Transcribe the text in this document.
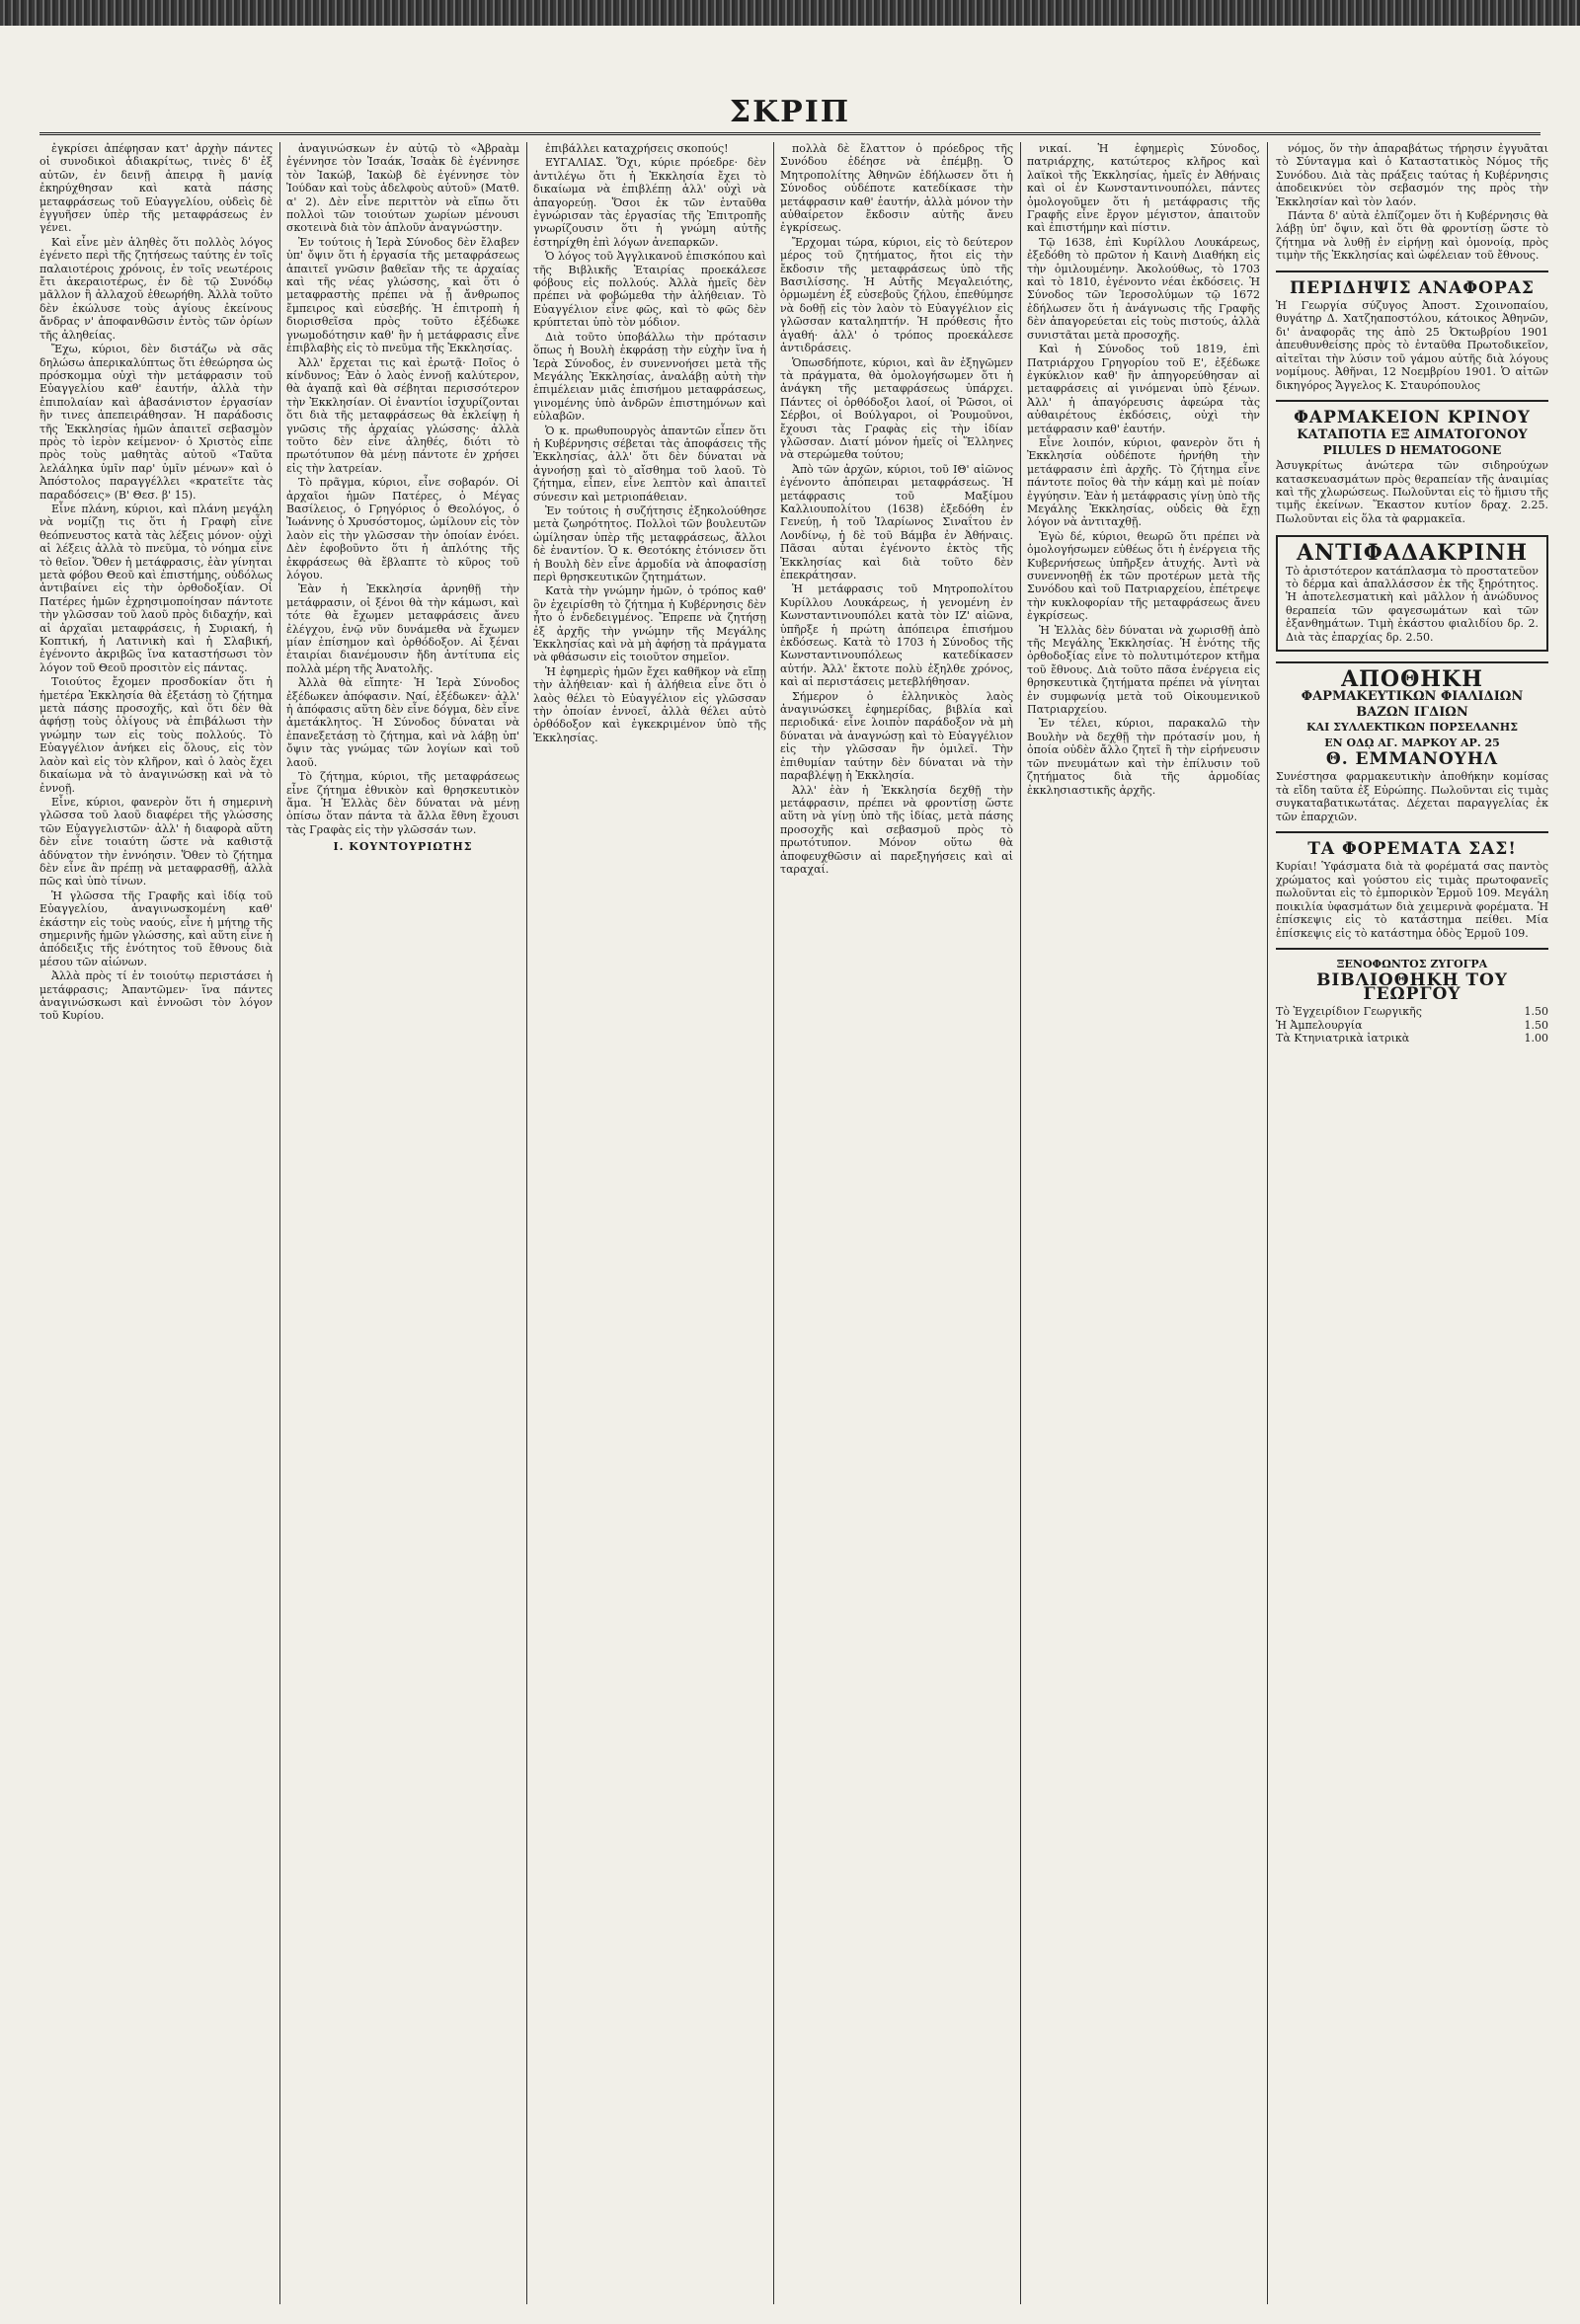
ΣΚΡΙΠ

ἐγκρίσει ἀπέφησαν κατ' ἀρχὴν πάντες οἱ συνοδικοὶ ἀδιακρίτως, τινὲς δ' ἐξ αὐτῶν, ἐν δεινῇ ἀπειρᾳ ἢ μανίᾳ ἐκηρύχθησαν καὶ κατὰ πάσης μεταφράσεως τοῦ Εὐαγγελίου, οὐδεὶς δὲ ἐγγυῆσεν ὑπὲρ τῆς μεταφράσεως ἐν γένει.

Καὶ εἶνε μὲν ἀληθὲς ὅτι πολλὸς λόγος ἐγένετο περὶ τῆς ζητήσεως ταύτης ἐν τοῖς παλαιοτέροις χρόνοις, ἐν τοῖς νεωτέροις ἔτι ἀκεραιοτέρως, ἐν δὲ τῷ Συνόδῳ μᾶλλον ἢ ἀλλαχοῦ ἐθεωρήθη. Ἀλλὰ τοῦτο δὲν ἐκώλυσε τοὺς ἁγίους ἐκείνους ἄνδρας ν' ἀποφανθῶσιν ἐντὸς τῶν ὁρίων τῆς ἀληθείας.

Ἔχω, κύριοι, δὲν διστάζω νὰ σᾶς δηλώσω ἀπερικαλύπτως ὅτι ἐθεώρησα ὡς πρόσκομμα οὐχὶ τὴν μετάφρασιν τοῦ Εὐαγγελίου καθ' ἑαυτήν, ἀλλὰ τὴν ἐπιπολαίαν καὶ ἀβασάνιστον ἐργασίαν ἣν τινες ἀπεπειράθησαν. Ἡ παράδοσις τῆς Ἐκκλησίας ἡμῶν ἀπαιτεῖ σεβασμὸν πρὸς τὸ ἱερὸν κείμενον· ὁ Χριστὸς εἶπε πρὸς τοὺς μαθητὰς αὐτοῦ «Ταῦτα λελάληκα ὑμῖν παρ' ὑμῖν μένων» καὶ ὁ Ἀπόστολος παραγγέλλει «κρατεῖτε τὰς παραδόσεις» (Β' Θεσ. β' 15).

Εἶνε πλάνη, κύριοι, καὶ πλάνη μεγάλη νὰ νομίζῃ τις ὅτι ἡ Γραφὴ εἶνε θεόπνευστος κατὰ τὰς λέξεις μόνον· οὐχὶ αἱ λέξεις ἀλλὰ τὸ πνεῦμα, τὸ νόημα εἶνε τὸ θεῖον. Ὅθεν ἡ μετάφρασις, ἐὰν γίνηται μετὰ φόβου Θεοῦ καὶ ἐπιστήμης, οὐδόλως ἀντιβαίνει εἰς τὴν ὀρθοδοξίαν. Οἱ Πατέρες ἡμῶν ἐχρησιμοποίησαν πάντοτε τὴν γλῶσσαν τοῦ λαοῦ πρὸς διδαχήν, καὶ αἱ ἀρχαῖαι μεταφράσεις, ἡ Συριακή, ἡ Κοπτική, ἡ Λατινικὴ καὶ ἡ Σλαβική, ἐγένοντο ἀκριβῶς ἵνα καταστήσωσι τὸν λόγον τοῦ Θεοῦ προσιτὸν εἰς πάντας.

Τοιούτος ἔχομεν προσδοκίαν ὅτι ἡ ἡμετέρα Ἐκκλησία θὰ ἐξετάσῃ τὸ ζήτημα μετὰ πάσης προσοχῆς, καὶ ὅτι δὲν θὰ ἀφήσῃ τοὺς ὀλίγους νὰ ἐπιβάλωσι τὴν γνώμην των εἰς τοὺς πολλούς. Τὸ Εὐαγγέλιον ἀνήκει εἰς ὅλους, εἰς τὸν λαὸν καὶ εἰς τὸν κλῆρον, καὶ ὁ λαὸς ἔχει δικαίωμα νὰ τὸ ἀναγινώσκῃ καὶ νὰ τὸ ἐννοῇ.

Εἶνε, κύριοι, φανερὸν ὅτι ἡ σημερινὴ γλῶσσα τοῦ λαοῦ διαφέρει τῆς γλώσσης τῶν Εὐαγγελιστῶν· ἀλλ' ἡ διαφορὰ αὕτη δὲν εἶνε τοιαύτη ὥστε νὰ καθιστᾷ ἀδύνατον τὴν ἐννόησιν. Ὅθεν τὸ ζήτημα δὲν εἶνε ἂν πρέπῃ νὰ μεταφρασθῇ, ἀλλὰ πῶς καὶ ὑπὸ τίνων.

Ἡ γλῶσσα τῆς Γραφῆς καὶ ἰδίᾳ τοῦ Εὐαγγελίου, ἀναγινωσκομένη καθ' ἑκάστην εἰς τοὺς ναούς, εἶνε ἡ μήτηρ τῆς σημερινῆς ἡμῶν γλώσσης, καὶ αὕτη εἶνε ἡ ἀπόδειξις τῆς ἑνότητος τοῦ ἔθνους διὰ μέσου τῶν αἰώνων.

Ἀλλὰ πρὸς τί ἐν τοιούτῳ περιστάσει ἡ μετάφρασις; Ἀπαντῶμεν· ἵνα πάντες ἀναγινώσκωσι καὶ ἐννοῶσι τὸν λόγον τοῦ Κυρίου.

ἀναγινώσκων ἐν αὐτῷ τὸ «Ἀβραὰμ ἐγέννησε τὸν Ἰσαάκ, Ἰσαὰκ δὲ ἐγέννησε τὸν Ἰακώβ, Ἰακὼβ δὲ ἐγέννησε τὸν Ἰούδαν καὶ τοὺς ἀδελφοὺς αὐτοῦ» (Ματθ. α' 2). Δὲν εἶνε περιττὸν νὰ εἴπω ὅτι πολλοὶ τῶν τοιούτων χωρίων μένουσι σκοτεινὰ διὰ τὸν ἁπλοῦν ἀναγνώστην.

Ἐν τούτοις ἡ Ἱερὰ Σύνοδος δὲν ἔλαβεν ὑπ' ὄψιν ὅτι ἡ ἐργασία τῆς μεταφράσεως ἀπαιτεῖ γνῶσιν βαθεῖαν τῆς τε ἀρχαίας καὶ τῆς νέας γλώσσης, καὶ ὅτι ὁ μεταφραστὴς πρέπει νὰ ᾖ ἄνθρωπος ἔμπειρος καὶ εὐσεβής. Ἡ ἐπιτροπὴ ἡ διορισθεῖσα πρὸς τοῦτο ἐξέδωκε γνωμοδότησιν καθ' ἣν ἡ μετάφρασις εἶνε ἐπιβλαβὴς εἰς τὸ πνεῦμα τῆς Ἐκκλησίας.

Ἀλλ' ἔρχεται τις καὶ ἐρωτᾷ· Ποῖος ὁ κίνδυνος; Ἐὰν ὁ λαὸς ἐννοῇ καλύτερον, θὰ ἀγαπᾷ καὶ θὰ σέβηται περισσότερον τὴν Ἐκκλησίαν. Οἱ ἐναντίοι ἰσχυρίζονται ὅτι διὰ τῆς μεταφράσεως θὰ ἐκλείψῃ ἡ γνῶσις τῆς ἀρχαίας γλώσσης· ἀλλὰ τοῦτο δὲν εἶνε ἀληθές, διότι τὸ πρωτότυπον θὰ μένῃ πάντοτε ἐν χρήσει εἰς τὴν λατρείαν.

Τὸ πρᾶγμα, κύριοι, εἶνε σοβαρόν. Οἱ ἀρχαῖοι ἡμῶν Πατέρες, ὁ Μέγας Βασίλειος, ὁ Γρηγόριος ὁ Θεολόγος, ὁ Ἰωάννης ὁ Χρυσόστομος, ὡμίλουν εἰς τὸν λαὸν εἰς τὴν γλῶσσαν τὴν ὁποίαν ἐνόει. Δὲν ἐφοβοῦντο ὅτι ἡ ἁπλότης τῆς ἐκφράσεως θὰ ἔβλαπτε τὸ κῦρος τοῦ λόγου.

Ἐὰν ἡ Ἐκκλησία ἀρνηθῇ τὴν μετάφρασιν, οἱ ξένοι θὰ τὴν κάμωσι, καὶ τότε θὰ ἔχωμεν μεταφράσεις ἄνευ ἐλέγχου, ἐνῷ νῦν δυνάμεθα νὰ ἔχωμεν μίαν ἐπίσημον καὶ ὀρθόδοξον. Αἱ ξέναι ἑταιρίαι διανέμουσιν ἤδη ἀντίτυπα εἰς πολλὰ μέρη τῆς Ἀνατολῆς.

Ἀλλὰ θὰ εἴπητε· Ἡ Ἱερὰ Σύνοδος ἐξέδωκεν ἀπόφασιν. Ναί, ἐξέδωκεν· ἀλλ' ἡ ἀπόφασις αὕτη δὲν εἶνε δόγμα, δὲν εἶνε ἀμετάκλητος. Ἡ Σύνοδος δύναται νὰ ἐπανεξετάσῃ τὸ ζήτημα, καὶ νὰ λάβῃ ὑπ' ὄψιν τὰς γνώμας τῶν λογίων καὶ τοῦ λαοῦ.

Τὸ ζήτημα, κύριοι, τῆς μεταφράσεως εἶνε ζήτημα ἐθνικὸν καὶ θρησκευτικὸν ἅμα. Ἡ Ἑλλὰς δὲν δύναται νὰ μένῃ ὀπίσω ὅταν πάντα τὰ ἄλλα ἔθνη ἔχουσι τὰς Γραφὰς εἰς τὴν γλῶσσάν των.

I. ΚΟΥΝΤΟΥΡΙΩΤΗΣ

ἐπιβάλλει καταχρήσεις σκοπούς!

ΕΥΓΑΛΙΑΣ. Ὅχι, κύριε πρόεδρε· δὲν ἀντιλέγω ὅτι ἡ Ἐκκλησία ἔχει τὸ δικαίωμα νὰ ἐπιβλέπῃ ἀλλ' οὐχὶ νὰ ἀπαγορεύῃ. Ὅσοι ἐκ τῶν ἐνταῦθα ἐγνώρισαν τὰς ἐργασίας τῆς Ἐπιτροπῆς γνωρίζουσιν ὅτι ἡ γνώμη αὐτῆς ἐστηρίχθη ἐπὶ λόγων ἀνεπαρκῶν.

Ὁ λόγος τοῦ Ἀγγλικανοῦ ἐπισκόπου καὶ τῆς Βιβλικῆς Ἑταιρίας προεκάλεσε φόβους εἰς πολλούς. Ἀλλὰ ἡμεῖς δὲν πρέπει νὰ φοβώμεθα τὴν ἀλήθειαν. Τὸ Εὐαγγέλιον εἶνε φῶς, καὶ τὸ φῶς δὲν κρύπτεται ὑπὸ τὸν μόδιον.

Διὰ τοῦτο ὑποβάλλω τὴν πρότασιν ὅπως ἡ Βουλὴ ἐκφράσῃ τὴν εὐχὴν ἵνα ἡ Ἱερὰ Σύνοδος, ἐν συνεννοήσει μετὰ τῆς Μεγάλης Ἐκκλησίας, ἀναλάβῃ αὐτὴ τὴν ἐπιμέλειαν μιᾶς ἐπισήμου μεταφράσεως, γινομένης ὑπὸ ἀνδρῶν ἐπιστημόνων καὶ εὐλαβῶν.

Ὁ κ. πρωθυπουργὸς ἀπαντῶν εἶπεν ὅτι ἡ Κυβέρνησις σέβεται τὰς ἀποφάσεις τῆς Ἐκκλησίας, ἀλλ' ὅτι δὲν δύναται νὰ ἀγνοήσῃ καὶ τὸ αἴσθημα τοῦ λαοῦ. Τὸ ζήτημα, εἶπεν, εἶνε λεπτὸν καὶ ἀπαιτεῖ σύνεσιν καὶ μετριοπάθειαν.

Ἐν τούτοις ἡ συζήτησις ἐξηκολούθησε μετὰ ζωηρότητος. Πολλοὶ τῶν βουλευτῶν ὡμίλησαν ὑπὲρ τῆς μεταφράσεως, ἄλλοι δὲ ἐναντίον. Ὁ κ. Θεοτόκης ἐτόνισεν ὅτι ἡ Βουλὴ δὲν εἶνε ἁρμοδία νὰ ἀποφασίσῃ περὶ θρησκευτικῶν ζητημάτων.

Κατὰ τὴν γνώμην ἡμῶν, ὁ τρόπος καθ' ὃν ἐχειρίσθη τὸ ζήτημα ἡ Κυβέρνησις δὲν ἦτο ὁ ἐνδεδειγμένος. Ἔπρεπε νὰ ζητήσῃ ἐξ ἀρχῆς τὴν γνώμην τῆς Μεγάλης Ἐκκλησίας καὶ νὰ μὴ ἀφήσῃ τὰ πράγματα νὰ φθάσωσιν εἰς τοιοῦτον σημεῖον.

Ἡ ἐφημερὶς ἡμῶν ἔχει καθῆκον νὰ εἴπῃ τὴν ἀλήθειαν· καὶ ἡ ἀλήθεια εἶνε ὅτι ὁ λαὸς θέλει τὸ Εὐαγγέλιον εἰς γλῶσσαν τὴν ὁποίαν ἐννοεῖ, ἀλλὰ θέλει αὐτὸ ὀρθόδοξον καὶ ἐγκεκριμένον ὑπὸ τῆς Ἐκκλησίας.

πολλὰ δὲ ἔλαττον ὁ πρόεδρος τῆς Συνόδου ἐδέησε νὰ ἐπέμβῃ. Ὁ Μητροπολίτης Ἀθηνῶν ἐδήλωσεν ὅτι ἡ Σύνοδος οὐδέποτε κατεδίκασε τὴν μετάφρασιν καθ' ἑαυτήν, ἀλλὰ μόνον τὴν αὐθαίρετον ἔκδοσιν αὐτῆς ἄνευ ἐγκρίσεως.

Ἔρχομαι τώρα, κύριοι, εἰς τὸ δεύτερον μέρος τοῦ ζητήματος, ἤτοι εἰς τὴν ἔκδοσιν τῆς μεταφράσεως ὑπὸ τῆς Βασιλίσσης. Ἡ Αὐτῆς Μεγαλειότης, ὁρμωμένη ἐξ εὐσεβοῦς ζήλου, ἐπεθύμησε νὰ δοθῇ εἰς τὸν λαὸν τὸ Εὐαγγέλιον εἰς γλῶσσαν καταληπτήν. Ἡ πρόθεσις ἦτο ἀγαθή· ἀλλ' ὁ τρόπος προεκάλεσε ἀντιδράσεις.

Ὁπωσδήποτε, κύριοι, καὶ ἂν ἐξηγῶμεν τὰ πράγματα, θὰ ὁμολογήσωμεν ὅτι ἡ ἀνάγκη τῆς μεταφράσεως ὑπάρχει. Πάντες οἱ ὀρθόδοξοι λαοί, οἱ Ῥῶσοι, οἱ Σέρβοι, οἱ Βούλγαροι, οἱ Ῥουμοῦνοι, ἔχουσι τὰς Γραφὰς εἰς τὴν ἰδίαν γλῶσσαν. Διατί μόνον ἡμεῖς οἱ Ἕλληνες νὰ στερώμεθα τούτου;

Ἀπὸ τῶν ἀρχῶν, κύριοι, τοῦ ΙΘ' αἰῶνος ἐγένοντο ἀπόπειραι μεταφράσεως. Ἡ μετάφρασις τοῦ Μαξίμου Καλλιουπολίτου (1638) ἐξεδόθη ἐν Γενεύῃ, ἡ τοῦ Ἱλαρίωνος Σιναΐτου ἐν Λονδίνῳ, ἡ δὲ τοῦ Βάμβα ἐν Ἀθήναις. Πᾶσαι αὗται ἐγένοντο ἐκτὸς τῆς Ἐκκλησίας καὶ διὰ τοῦτο δὲν ἐπεκράτησαν.

Ἡ μετάφρασις τοῦ Μητροπολίτου Κυρίλλου Λουκάρεως, ἡ γενομένη ἐν Κωνσταντινουπόλει κατὰ τὸν ΙΖ' αἰῶνα, ὑπῆρξε ἡ πρώτη ἀπόπειρα ἐπισήμου ἐκδόσεως. Κατὰ τὸ 1703 ἡ Σύνοδος τῆς Κωνσταντινουπόλεως κατεδίκασεν αὐτήν. Ἀλλ' ἔκτοτε πολὺ ἐξηλθε χρόνος, καὶ αἱ περιστάσεις μετεβλήθησαν.

Σήμερον ὁ ἑλληνικὸς λαὸς ἀναγινώσκει ἐφημερίδας, βιβλία καὶ περιοδικά· εἶνε λοιπὸν παράδοξον νὰ μὴ δύναται νὰ ἀναγνώσῃ καὶ τὸ Εὐαγγέλιον εἰς τὴν γλῶσσαν ἣν ὁμιλεῖ. Τὴν ἐπιθυμίαν ταύτην δὲν δύναται νὰ τὴν παραβλέψῃ ἡ Ἐκκλησία.

Ἀλλ' ἐὰν ἡ Ἐκκλησία δεχθῇ τὴν μετάφρασιν, πρέπει νὰ φροντίσῃ ὥστε αὕτη νὰ γίνῃ ὑπὸ τῆς ἰδίας, μετὰ πάσης προσοχῆς καὶ σεβασμοῦ πρὸς τὸ πρωτότυπον. Μόνον οὕτω θὰ ἀποφευχθῶσιν αἱ παρεξηγήσεις καὶ αἱ ταραχαί.

νικαί. Ἡ ἐφημερὶς Σύνοδος, πατριάρχης, κατώτερος κλῆρος καὶ λαϊκοὶ τῆς Ἐκκλησίας, ἡμεῖς ἐν Ἀθήναις καὶ οἱ ἐν Κωνσταντινουπόλει, πάντες ὁμολογοῦμεν ὅτι ἡ μετάφρασις τῆς Γραφῆς εἶνε ἔργον μέγιστον, ἀπαιτοῦν καὶ ἐπιστήμην καὶ πίστιν.

Τῷ 1638, ἐπὶ Κυρίλλου Λουκάρεως, ἐξεδόθη τὸ πρῶτον ἡ Καινὴ Διαθήκη εἰς τὴν ὁμιλουμένην. Ἀκολούθως, τὸ 1703 καὶ τὸ 1810, ἐγένοντο νέαι ἐκδόσεις. Ἡ Σύνοδος τῶν Ἱεροσολύμων τῷ 1672 ἐδήλωσεν ὅτι ἡ ἀνάγνωσις τῆς Γραφῆς δὲν ἀπαγορεύεται εἰς τοὺς πιστούς, ἀλλὰ συνιστᾶται μετὰ προσοχῆς.

Καὶ ἡ Σύνοδος τοῦ 1819, ἐπὶ Πατριάρχου Γρηγορίου τοῦ Ε', ἐξέδωκε ἐγκύκλιον καθ' ἣν ἀπηγορεύθησαν αἱ μεταφράσεις αἱ γινόμεναι ὑπὸ ξένων. Ἀλλ' ἡ ἀπαγόρευσις ἀφεώρα τὰς αὐθαιρέτους ἐκδόσεις, οὐχὶ τὴν μετάφρασιν καθ' ἑαυτήν.

Εἶνε λοιπόν, κύριοι, φανερὸν ὅτι ἡ Ἐκκλησία οὐδέποτε ἠρνήθη τὴν μετάφρασιν ἐπὶ ἀρχῆς. Τὸ ζήτημα εἶνε πάντοτε ποῖος θὰ τὴν κάμῃ καὶ μὲ ποίαν ἐγγύησιν. Ἐὰν ἡ μετάφρασις γίνῃ ὑπὸ τῆς Μεγάλης Ἐκκλησίας, οὐδεὶς θὰ ἔχῃ λόγον νὰ ἀντιταχθῇ.

Ἐγὼ δέ, κύριοι, θεωρῶ ὅτι πρέπει νὰ ὁμολογήσωμεν εὐθέως ὅτι ἡ ἐνέργεια τῆς Κυβερνήσεως ὑπῆρξεν ἀτυχής. Ἀντὶ νὰ συνεννοηθῇ ἐκ τῶν προτέρων μετὰ τῆς Συνόδου καὶ τοῦ Πατριαρχείου, ἐπέτρεψε τὴν κυκλοφορίαν τῆς μεταφράσεως ἄνευ ἐγκρίσεως.

Ἡ Ἑλλὰς δὲν δύναται νὰ χωρισθῇ ἀπὸ τῆς Μεγάλης Ἐκκλησίας. Ἡ ἑνότης τῆς ὀρθοδοξίας εἶνε τὸ πολυτιμότερον κτῆμα τοῦ ἔθνους. Διὰ τοῦτο πᾶσα ἐνέργεια εἰς θρησκευτικὰ ζητήματα πρέπει νὰ γίνηται ἐν συμφωνίᾳ μετὰ τοῦ Οἰκουμενικοῦ Πατριαρχείου.

Ἐν τέλει, κύριοι, παρακαλῶ τὴν Βουλὴν νὰ δεχθῇ τὴν πρότασίν μου, ἡ ὁποία οὐδὲν ἄλλο ζητεῖ ἢ τὴν εἰρήνευσιν τῶν πνευμάτων καὶ τὴν ἐπίλυσιν τοῦ ζητήματος διὰ τῆς ἁρμοδίας ἐκκλησιαστικῆς ἀρχῆς.

νόμος, ὅν τὴν ἀπαραβάτως τήρησιν ἐγγυᾶται τὸ Σύνταγμα καὶ ὁ Καταστατικὸς Νόμος τῆς Συνόδου. Διὰ τὰς πράξεις ταύτας ἡ Κυβέρνησις ἀποδεικνύει τὸν σεβασμόν της πρὸς τὴν Ἐκκλησίαν καὶ τὸν λαόν.

Πάντα δ' αὐτὰ ἐλπίζομεν ὅτι ἡ Κυβέρνησις θὰ λάβῃ ὑπ' ὄψιν, καὶ ὅτι θὰ φροντίσῃ ὥστε τὸ ζήτημα νὰ λυθῇ ἐν εἰρήνῃ καὶ ὁμονοίᾳ, πρὸς τιμὴν τῆς Ἐκκλησίας καὶ ὠφέλειαν τοῦ ἔθνους.

ΠΕΡΙΔΗΨΙΣ ΑΝΑΦΟΡΑΣ
Ἡ Γεωργία σύζυγος Ἀποστ. Σχοινοπαίου, θυγάτηρ Δ. Χατζηαποστόλου, κάτοικος Ἀθηνῶν, δι' ἀναφορᾶς της ἀπὸ 25 Ὀκτωβρίου 1901 ἀπευθυνθείσης πρὸς τὸ ἐνταῦθα Πρωτοδικεῖον, αἰτεῖται τὴν λύσιν τοῦ γάμου αὐτῆς διὰ λόγους νομίμους. Ἀθῆναι, 12 Νοεμβρίου 1901. Ὁ αἰτῶν δικηγόρος Ἄγγελος Κ. Σταυρόπουλος
ΦΑΡΜΑΚΕΙΟΝ ΚΡΙΝΟΥ
ΚΑΤΑΠΟΤΙΑ ΕΞ ΑΙΜΑΤΟΓΟΝΟΥ
PILULES D HEMATOGONE
Ἀσυγκρίτως ἀνώτερα τῶν σιδηρούχων κατασκευασμάτων πρὸς θεραπείαν τῆς ἀναιμίας καὶ τῆς χλωρώσεως. Πωλοῦνται εἰς τὸ ἥμισυ τῆς τιμῆς ἐκείνων. Ἕκαστον κυτίον δραχ. 2.25. Πωλοῦνται εἰς ὅλα τὰ φαρμακεῖα.
ΑΝΤΙΦΑΔΑΚΡΙΝΗ
Τὸ ἀριστότερον κατάπλασμα τὸ προστατεῦον τὸ δέρμα καὶ ἀπαλλάσσον ἐκ τῆς ξηρότητος. Ἡ ἀποτελεσματικὴ καὶ μᾶλλον ἡ ἀνώδυνος θεραπεία τῶν φαγεσωμάτων καὶ τῶν ἐξανθημάτων. Τιμὴ ἑκάστου φιαλιδίου δρ. 2. Διὰ τὰς ἐπαρχίας δρ. 2.50.
ΑΠΟΘΗΚΗ
ΦΑΡΜΑΚΕΥΤΙΚΩΝ ΦΙΑΛΙΔΙΩΝ
ΒΑΖΩΝ ΙΓΔΙΩΝ
ΚΑΙ ΣΥΛΛΕΚΤΙΚΩΝ ΠΟΡΣΕΛΑΝΗΣ
ΕΝ ΟΔῼ ΑΓ. ΜΑΡΚΟΥ ΑΡ. 25
Θ. ΕΜΜΑΝΟΥΗΛ
Συνέστησα φαρμακευτικὴν ἀποθήκην κομίσας τὰ εἴδη ταῦτα ἐξ Εὐρώπης. Πωλοῦνται εἰς τιμὰς συγκαταβατικωτάτας. Δέχεται παραγγελίας ἐκ τῶν ἐπαρχιῶν.
ΤΑ ΦΟΡΕΜΑΤΑ ΣΑΣ!
Κυρίαι! Ὑφάσματα διὰ τὰ φορέματά σας παντὸς χρώματος καὶ γούστου εἰς τιμὰς πρωτοφανεῖς πωλοῦνται εἰς τὸ ἐμπορικὸν Ἑρμοῦ 109. Μεγάλη ποικιλία ὑφασμάτων διὰ χειμερινὰ φορέματα. Ἡ ἐπίσκεψις εἰς τὸ κατάστημα πείθει. Μία ἐπίσκεψις εἰς τὸ κατάστημα ὁδὸς Ἑρμοῦ 109.
ΞΕΝΟΦΩΝΤΟΣ ΖΥΓΟΓΡΑ
ΒΙΒΛΙΟΘΗΚΗ ΤΟΥ ΓΕΩΡΓΟΥ
Τὸ Ἐγχειρίδιον Γεωργικῆς	1.50
Ἡ Ἀμπελουργία	1.50
Τὰ Κτηνιατρικὰ ἰατρικὰ	1.00
